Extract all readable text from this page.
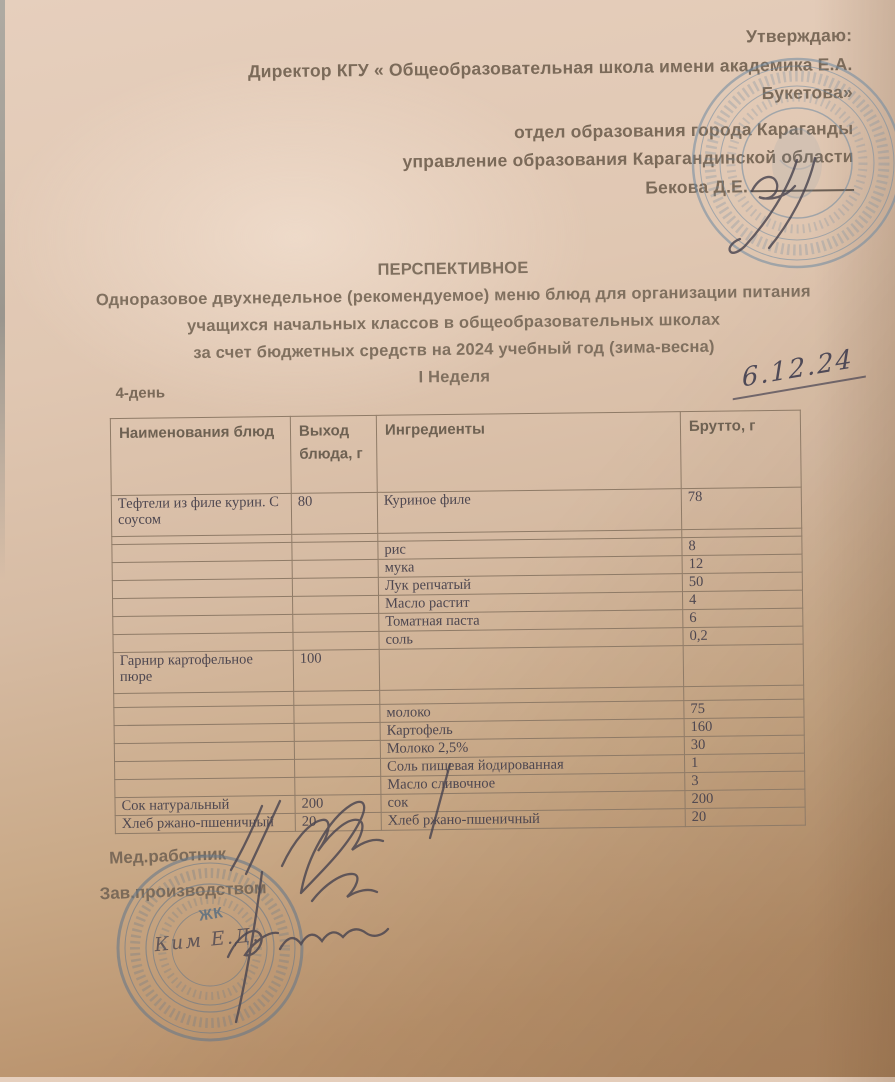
Утверждаю:
Директор КГУ « Общеобразовательная школа имени академика Е.А.
Букетова»
отдел образования города Караганды
управление образования Карагандинской области
Бекова Д.Е.
ПЕРСПЕКТИВНОЕ
Одноразовое двухнедельное (рекомендуемое) меню блюд для организации питания
учащихся начальных классов в общеобразовательных школах
за счет бюджетных средств на 2024 учебный год (зима-весна)
I Неделя
4-день	6.12.24
Наименования блюд	Выход блюда, г	Ингредиенты	Брутто, г
Тефтели из филе курин. С соусом	80	Куриное филе	78

		рис	8
		мука	12
		Лук репчатый	50
		Масло растит	4
		Томатная паста	6
		соль	0,2
Гарнир картофельное пюре	100		

		молоко	75
		Картофель	160
		Молоко 2,5%	30
		Соль пищевая йодированная	1
		Масло сливочное	3
Сок натуральный	200	сок	200
Хлеб ржано-пшеничный	20	Хлеб ржано-пшеничный	20
Мед.работник
Зав.производством
ЖК
Ким Е.Д.
